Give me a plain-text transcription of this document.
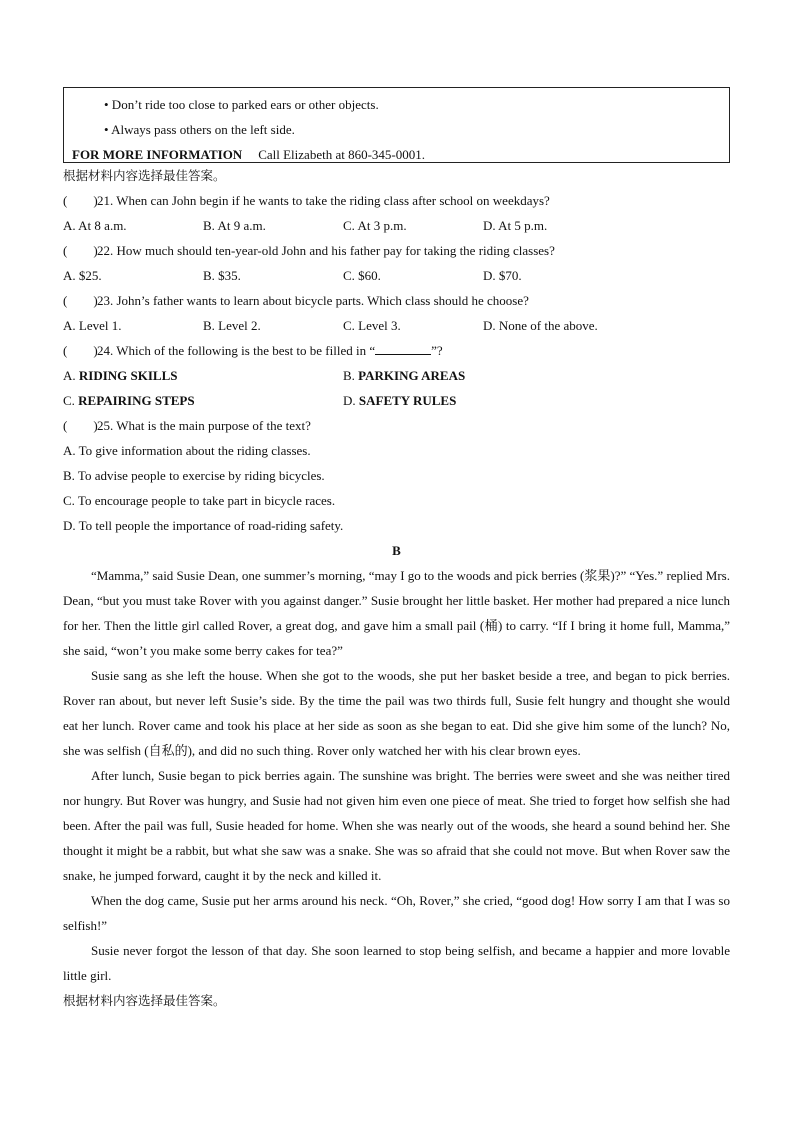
• Don’t ride too close to parked ears or other objects.
• Always pass others on the left side.
FOR MORE INFORMATION Call Elizabeth at 860-345-0001.
根据材料内容选择最佳答案。
(　　)21. When can John begin if he wants to take the riding class after school on weekdays?
A. At 8 a.m.	B. At 9 a.m.	C. At 3 p.m.	D. At 5 p.m.
(　　)22. How much should ten-year-old John and his father pay for taking the riding classes?
A. $25.	B. $35.	C. $60.	D. $70.
(　　)23. John’s father wants to learn about bicycle parts. Which class should he choose?
A. Level 1.	B. Level 2.	C. Level 3.	D. None of the above.
(　　)24. Which of the following is the best to be filled in “	”?
A. RIDING SKILLS	B. PARKING AREAS
C. REPAIRING STEPS	D. SAFETY RULES
(　　)25. What is the main purpose of the text?
A. To give information about the riding classes.
B. To advise people to exercise by riding bicycles.
C. To encourage people to take part in bicycle races.
D. To tell people the importance of road-riding safety.
B

“Mamma,” said Susie Dean, one summer’s morning, “may I go to the woods and pick berries (浆果)?” “Yes.” replied Mrs. Dean, “but you must take Rover with you against danger.” Susie brought her little basket. Her mother had prepared a nice lunch for her. Then the little girl called Rover, a great dog, and gave him a small pail (桶) to carry. “If I bring it home full, Mamma,” she said, “won’t you make some berry cakes for tea?”

Susie sang as she left the house. When she got to the woods, she put her basket beside a tree, and began to pick berries. Rover ran about, but never left Susie’s side. By the time the pail was two thirds full, Susie felt hungry and thought she would eat her lunch. Rover came and took his place at her side as soon as she began to eat. Did she give him some of the lunch? No, she was selfish (自私的), and did no such thing. Rover only watched her with his clear brown eyes.

After lunch, Susie began to pick berries again. The sunshine was bright. The berries were sweet and she was neither tired nor hungry. But Rover was hungry, and Susie had not given him even one piece of meat. She tried to forget how selfish she had been. After the pail was full, Susie headed for home. When she was nearly out of the woods, she heard a sound behind her. She thought it might be a rabbit, but what she saw was a snake. She was so afraid that she could not move. But when Rover saw the snake, he jumped forward, caught it by the neck and killed it.

When the dog came, Susie put her arms around his neck. “Oh, Rover,” she cried, “good dog! How sorry I am that I was so selfish!”

Susie never forgot the lesson of that day. She soon learned to stop being selfish, and became a happier and more lovable little girl.

根据材料内容选择最佳答案。
